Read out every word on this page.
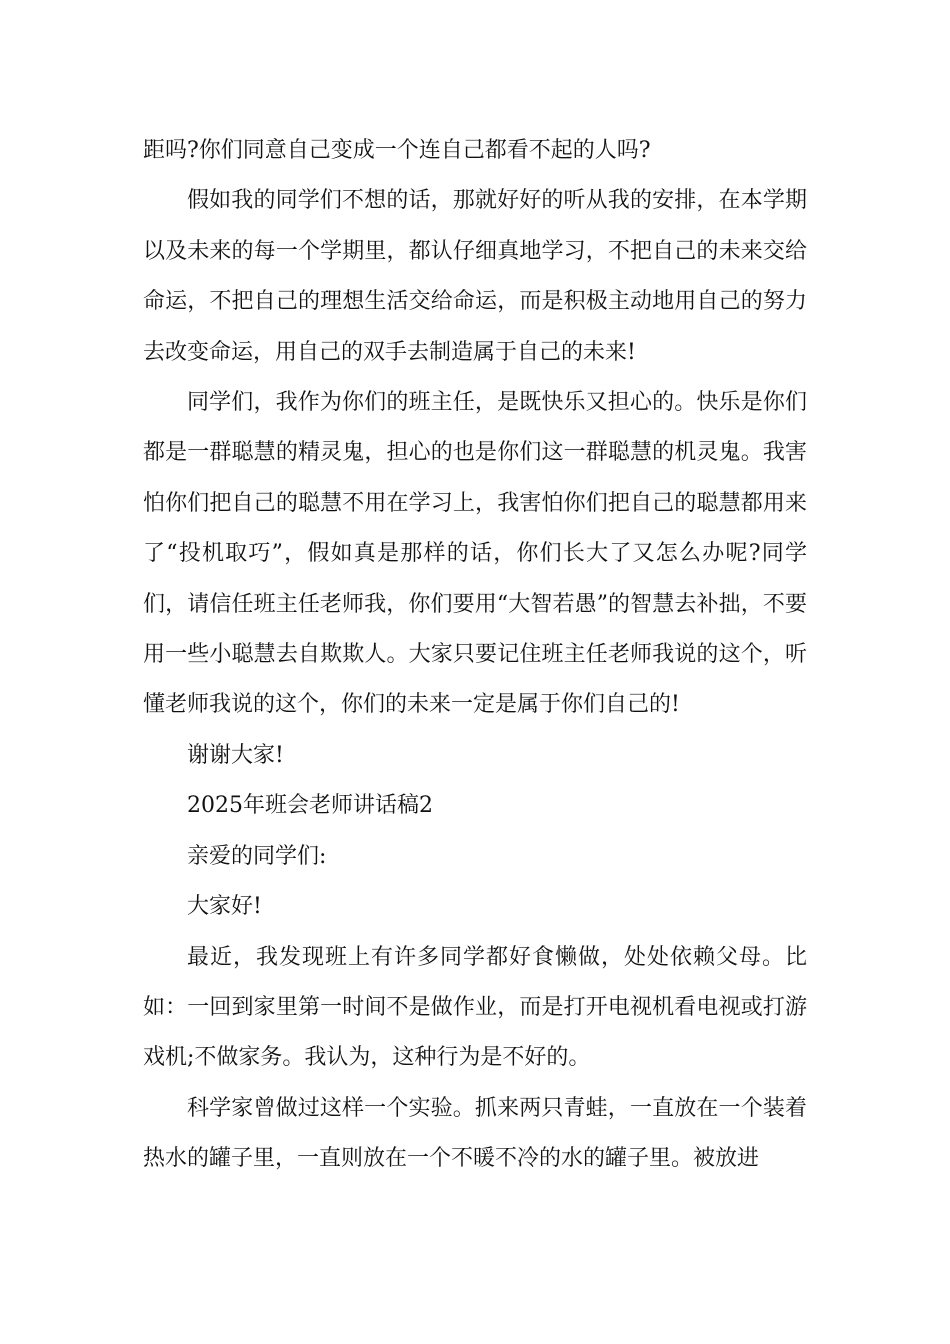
距吗?你们同意自己变成一个连自己都看不起的人吗?

假如我的同学们不想的话，那就好好的听从我的安排，在本学期以及未来的每一个学期里，都认仔细真地学习，不把自己的未来交给命运，不把自己的理想生活交给命运，而是积极主动地用自己的努力去改变命运，用自己的双手去制造属于自己的未来!

同学们，我作为你们的班主任，是既快乐又担心的。快乐是你们都是一群聪慧的精灵鬼，担心的也是你们这一群聪慧的机灵鬼。我害怕你们把自己的聪慧不用在学习上，我害怕你们把自己的聪慧都用来了“投机取巧”，假如真是那样的话，你们长大了又怎么办呢?同学们，请信任班主任老师我，你们要用“大智若愚”的智慧去补拙，不要用一些小聪慧去自欺欺人。大家只要记住班主任老师我说的这个，听懂老师我说的这个，你们的未来一定是属于你们自己的!

谢谢大家!

2025年班会老师讲话稿2

亲爱的同学们:

大家好!

最近，我发现班上有许多同学都好食懒做，处处依赖父母。比如：一回到家里第一时间不是做作业，而是打开电视机看电视或打游戏机;不做家务。我认为，这种行为是不好的。

科学家曾做过这样一个实验。抓来两只青蛙，一直放在一个装着热水的罐子里，一直则放在一个不暖不冷的水的罐子里。被放进
